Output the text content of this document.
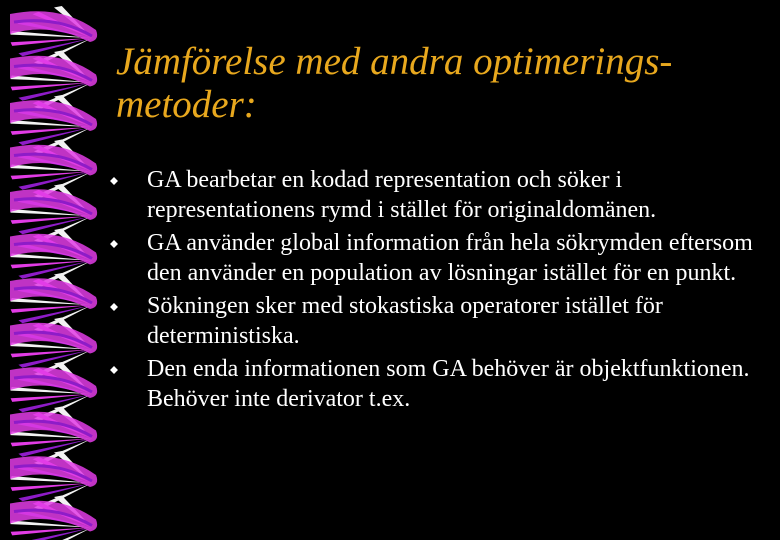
Jämförelse med andra optimerings-metoder:
GA bearbetar en kodad representation och söker i representationens rymd i stället för originaldomänen.
GA använder global information från hela sökrymden eftersom den använder en population av lösningar istället för en punkt.
Sökningen sker med stokastiska operatorer istället för deterministiska.
Den enda informationen som GA behöver är objektfunktionen. Behöver inte derivator t.ex.
